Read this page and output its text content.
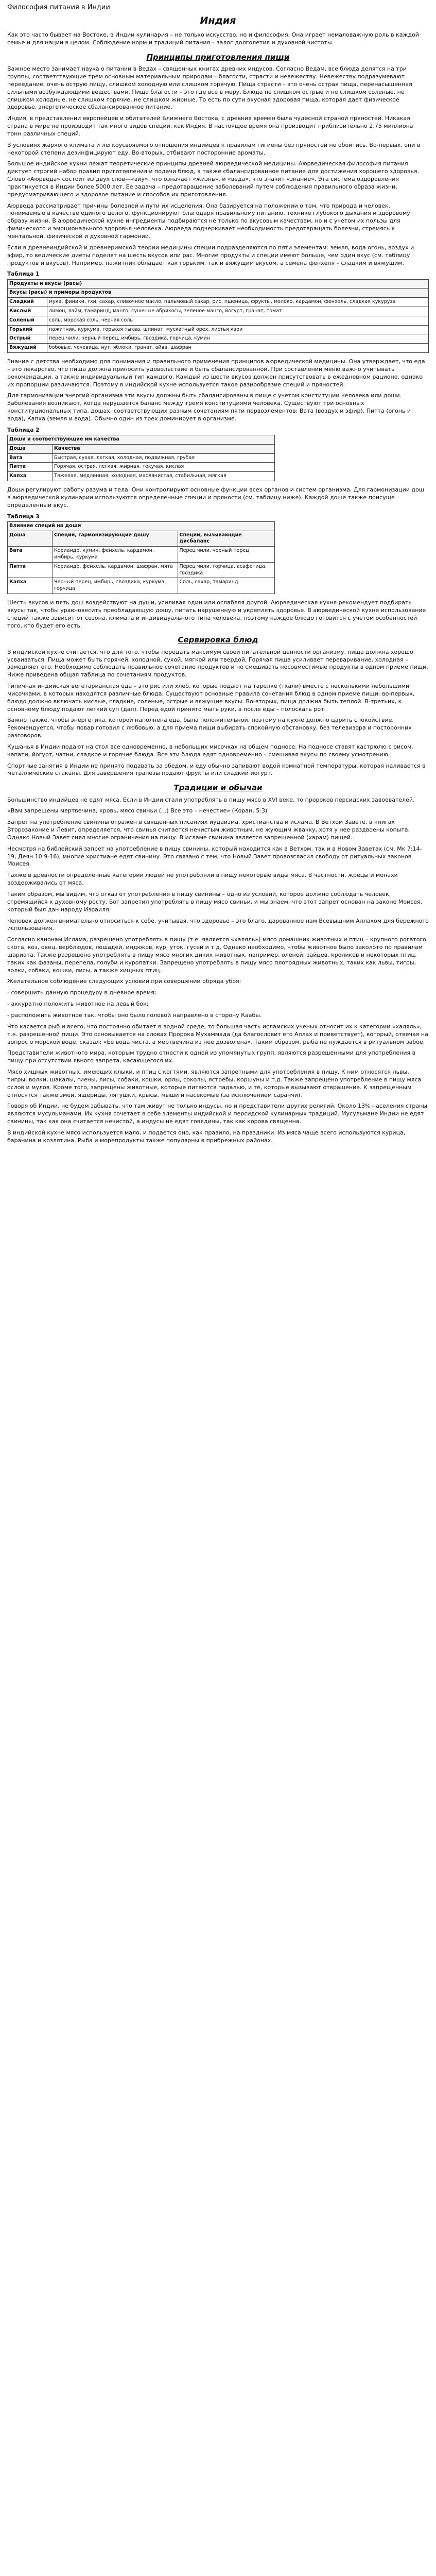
Философия питания в Индии
Индия

Как это часто бывает на Востоке, в Индии кулинария – не только искусство, но и философия. Она играет немаловажную роль в каждой семье и для нации в целом. Соблюдение норм и традиций питания – залог долголетия и духовной чистоты.

Принципы приготовления пищи

Важное место занимает наука о питании в Ведах – священных книгах древних индусов. Согласно Ведам, все блюда делятся на три группы, соответствующие трем основным материальным природам – благости, страсти и невежеству. Невежеству подразумевают переедание, очень острую пищу, слишком холодную или слишком горячую. Пища страсти – это очень острая пища, перенасыщенная сильными возбуждающими веществами. Пища благости – это где все в меру. Блюда не слишком острые и не слишком соленые, не слишком холодные, не слишком горячие, не слишком жирные. То есть по сути вкусная здоровая пища, которая дает физическое здоровье, энергетическое сбалансированное питание.

Индия, в представлении европейцев и обитателей Ближнего Востока, с древних времен была чудесной страной пряностей. Никакая страна в мире не производит так много видов специй, как Индия. В настоящее время она производит приблизительно 2,75 миллиона тонн различных специй.

В условиях жаркого климата и легкоусвояемого отношения индийцев к правилам гигиены без пряностей не обойтись. Во-первых, они в некоторой степени дезинфицируют еду. Во-вторых, отбивают посторонние ароматы.

Большое индийское кухни лежат теоретические принципы древней аюрведической медицины. Аюрведическая философия питания диктует строгий набор правил приготовления и подачи блюд, а также сбалансированное питание для достижения хорошего здоровья. Слово «Аюрведа» состоит из двух слов—«айу», что означает «жизнь», и «веда», что значит «знание». Эта система оздоровления практикуется в Индии более 5000 лет. Ее задача – предотвращение заболеваний путем соблюдения правильного образа жизни, предусматривающего и здоровое питание и способов их приготовления.

Аюрведа рассматривает причины болезней и пути их исцеления. Она базируется на положении о том, что природа и человек, понимаемые в качестве единого целого, функционируют благодаря правильному питанию, технике глубокого дыхания и здоровому образу жизни. В аюрведической кухне ингредиенты подбираются не только по вкусовым качествам, но и с учетом их пользы для физического и эмоционального здоровья человека. Аюрведа подчеркивает необходимость предотвращать болезни, стремясь к ментальной, физической и духовной гармонии.

Если в древнеиндийской и древнеримской теории медицины специи подразделяются по пяти элементам: земля, вода огонь, воздух и эфир, то ведические диеты поделят на шесть вкусов или рас. Многие продукты и специи имеют больше, чем один вкус (см. таблицу продуктов и вкусов). Например, пажитник обладает как горьким, так и вяжущим вкусом, а семена фенхеля – сладким и вяжущим.

Таблица 1
Продукты и вкусы (расы)	
Вкусы (расы) и примеры продуктов	
Сладкий	мука, финики, гхи, сахар, сливочное масло, пальмовый сахар, рис, пшеница, фрукты, молоко, кардамон, фенхель, сладкая кукуруза
Кислый	лимон, лайм, тамаринд, манго, сушеные абрикосы, зеленое манго, йогурт, гранат, томат
Соленый	соль, морская соль, черная соль
Горький	пажитник, куркума, горькая тыква, шпинат, мускатный орех, листья кари
Острый	перец чили, черный перец, имбирь, гвоздика, горчица, кумин
Вяжущий	бобовые, чечевица, нут, яблоки, гранат, айва, шафран

Знание с детства необходимо для понимания и правильного применения принципов аюрведической медицины. Она утверждает, что еда – это лекарство, что пища должна приносить удовольствие и быть сбалансированной. При составлении меню важно учитывать рекомендации, а также индивидуальный тип каждого. Каждый из шести вкусов должен присутствовать в ежедневном рационе, однако их пропорции различаются. Поэтому в индийской кухне используется такое разнообразие специй и пряностей.

Для гармонизации энергий организма эти вкусы должны быть сбалансированы в пище с учетом конституции человека или доши. Заболевания возникают, когда нарушается баланс между тремя конституциями человека. Существуют три основных конституциональных типа, дошах, соответствующих разным сочетаниям пяти первоэлементов: Вата (воздух и эфир), Питта (огонь и вода), Капха (земля и вода). Обычно один из трех доминирует в организме.

Таблица 2
Доши и соответствующие им качества	
Доша	Качества
Вата	Быстрая, сухая, легкая, холодная, подвижная, грубая
Питта	Горячая, острая, легкая, жирная, текучая, кислая
Капха	Тяжелая, медленная, холодная, маслянистая, стабильная, мягкая

Доши регулируют работу разума и тела. Они контролируют основные функции всех органов и систем организма. Для гармонизации дош в аюрведической кулинарии используются определенные специи и пряности (см. таблицу ниже). Каждой доше также присуще определенный вкус.

Таблица 3
Влияние специй на доши		
Доша	Специи, гармонизирующие дошу	Специи, вызывающие дисбаланс
Вата	Кориандр, кумин, фенхель, кардамон, имбирь, куркума	Перец чили, черный перец
Питта	Кориандр, фенхель, кардамон, шафран, мята	Перец чили, горчица, асафетида, гвоздика
Капха	Черный перец, имбирь, гвоздика, куркума, горчица	Соль, сахар, тамаринд

Шесть вкусов и пять дош воздействуют на души, усиливая один или ослабляя другой. Аюрведическая кухня рекомендует подбирать вкусы так, чтобы уравновесить преобладающую дошу, питать нарушенную и укреплять здоровье. В аюрведической кухне использование специй также зависит от сезона, климата и индивидуального типа человека, поэтому каждое блюдо готовится с учетом особенностей того, кто будет его есть.

Сервировка блюд

В индийской кухне считается, что для того, чтобы передать максимум своей питательной ценности организму, пища должна хорошо усваиваться. Пища может быть горячей, холодной, сухой, мягкой или твердой. Горячая пища усиливает переваривание, холодная – замедляет его. Необходимо соблюдать правильное сочетание продуктов и не смешивать несовместимые продукты в одном приеме пищи. Ниже приведена общая таблица по сочетаниям продуктов.

Типичная индийская вегетарианская еда – это рис или хлеб, которые подают на тарелке (тхали) вместе с несколькими небольшими мисочками, в которых находятся различные блюда. Существуют основные правила сочетания блюд в одном приеме пищи: во-первых, блюдо должно включать кислые, сладкие, соленые, острые и вяжущие вкусы. Во-вторых, пища должна быть теплой. В-третьих, к основному блюду подают легкий суп (дал). Перед едой принято мыть руки, а после еды – полоскать рот.

Важно также, чтобы энергетика, которой наполнена еда, была положительной, поэтому на кухне должно царить спокойствие. Рекомендуется, чтобы повар готовил с любовью, а для приема пищи выбирать спокойную обстановку, без телевизора и посторонних разговоров.

Кушанья в Индии подают на стол все одновременно, в небольших мисочках на общем подносе. На подносе ставят кастрюлю с рисом, чапати, йогурт, чатни, сладкое и горячие блюда. Все эти блюда едят одновременно – смешивая вкусы по своему усмотрению.

Спортные занятия в Индии не принято подавать за обедом, и еду обычно запивают водой комнатной температуры, которая наливается в металлические стаканы. Для завершения трапезы подают фрукты или сладкий йогурт.

Традиции и обычаи

Большинство индийцев не едят мяса. Если в Индии стали употреблять в пищу мясо в XVI веке, то пророков персидских завоевателей.

«Вам запрещены мертвечина, кровь, мясо свиньи (...) Все это – нечестие» (Коран, 5:3)

Запрет на употребление свинины отражен в священных писаниях иудаизма, христианства и ислама. В Ветхом Завете, в книгах Второзаконие и Левит, определяется, что свинья считается нечистым животным, не жующим жвачку, хотя у нее раздвоены копыта. Однако Новый Завет снял многие ограничения на пищу. В исламе свинина является запрещенной (харам) пищей.

Несмотря на библейский запрет на употребление в пищу свинины, который находится как в Ветхом, так и в Новом Заветах (см. Мк 7:14-19, Деян 10:9-16), многие христиане едят свинину. Это связано с тем, что Новый Завет провозгласил свободу от ритуальных законов Моисея.

Также в древности определенные категории людей не употребляли в пищу некоторые виды мяса. В частности, жрецы и монахи воздерживались от мяса.

Таким образом, мы видим, что отказ от употребления в пищу свинины – одно из условий, которое должно соблюдать человек, стремящийся к духовному росту. Бог запретил употреблять в пищу мясо свиньи, и мы знаем, что этот запрет основан на законе Моисея, который был дан народу Израиля.

Человек должен внимательно относиться к себе, учитывая, что здоровье – это благо, дарованное нам Всевышним Аллахом для бережного использования.

Согласно канонам Ислама, разрешено употреблять в пищу (т.е. является «халяль») мясо домашних животных и птиц – крупного рогатого скота, коз, овец, верблюдов, лошадей, индюков, кур, уток, гусей и т.д. Однако необходимо, чтобы животное было заколото по правилам шариата. Также разрешено употреблять в пищу мясо многих диких животных, например, оленей, зайцев, кроликов и некоторых птиц, таких как фазаны, перепела, голуби и куропатки. Запрещено употреблять в пищу мясо плотоядных животных, таких как львы, тигры, волки, собаки, кошки, лисы, а также хищных птиц.

Желательное соблюдение следующих условий при совершении обряда убоя:

- совершить данную процедуру в дневное время;

- аккуратно положить животное на левый бок;

- расположить животное так, чтобы оно было головой направлено в сторону Каабы.

Что касается рыб и всего, что постоянно обитает в водной среде, то большая часть исламских ученых относит их к категории «халяль», т.е. разрешенной пищи. Это основывается на словах Пророка Мухаммада (да благословит его Аллах и приветствует), который, отвечая на вопрос о морской воде, сказал: «Ее вода чиста, а мертвечина из нее дозволена». Таким образом, рыба не нуждается в ритуальном забое.

Представители животного мира, которым трудно отнести к одной из упомянутых групп, являются разрешенными для употребления в пищу при отсутствии явного запрета, касающегося их.

Мясо хищных животных, имеющих клыки, и птиц с когтями, являются запретными для употребления в пищу. К ним относятся львы, тигры, волки, шакалы, гиены, лисы, собаки, кошки, орлы, соколы, ястребы, коршуны и т.д. Также запрещено употребление в пищу мяса ослов и мулов. Кроме того, запрещены животные, которые питаются падалью, и те, которые вызывают отвращение. К запрещенным относятся также змеи, ящерицы, лягушки, крысы, мыши и насекомые (за исключением саранчи).

Говоря об Индии, не будем забывать, что там живут не только индусы, но и представители других религий. Около 13% населения страны являются мусульманами. Их кухня сочетает в себе элементы индийской и персидской кулинарных традиций. Мусульмане Индии не едят свинины, так как она считается нечистой, а индусы не едят говядины, так как корова священна.

В индийской кухне мясо используется мало, и подается оно, как правило, на праздники. Из мяса чаще всего используются курица, баранина и козлятина. Рыба и морепродукты также популярны в прибрежных районах.
